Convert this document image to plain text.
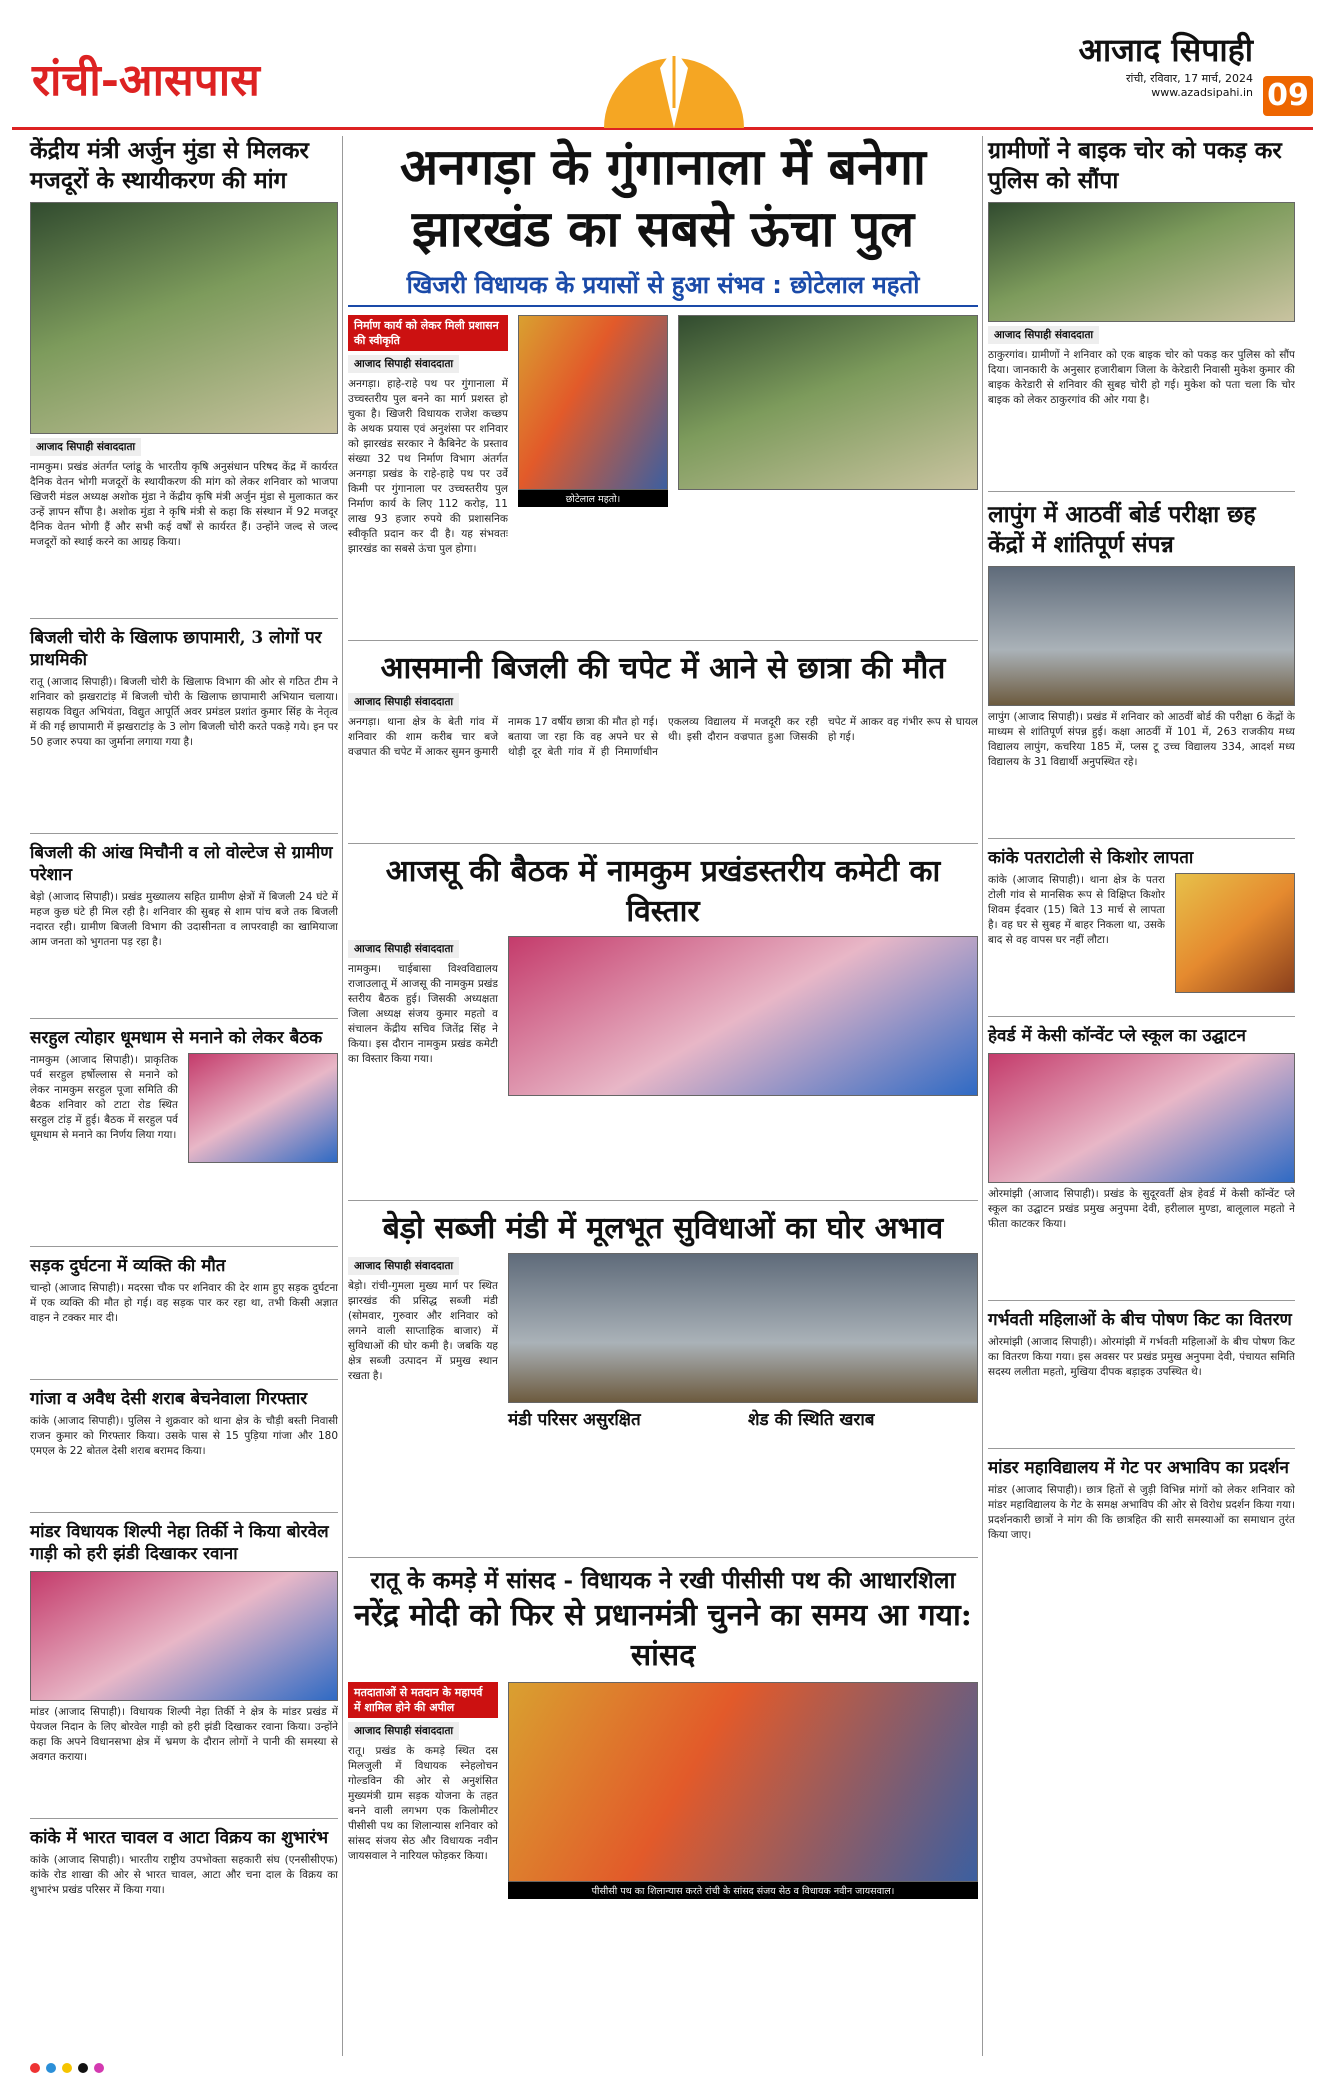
रांची-आसपास
आजाद सिपाही
रांची, रविवार, 17 मार्च, 2024
www.azadsipahi.in 09
केंद्रीय मंत्री अर्जुन मुंडा से मिलकर मजदूरों के स्थायीकरण की मांग
आजाद सिपाही संवाददाता
नामकुम। प्रखंड अंतर्गत प्लांडू के भारतीय कृषि अनुसंधान परिषद केंद्र में कार्यरत दैनिक वेतन भोगी मजदूरों के स्थायीकरण की मांग को लेकर शनिवार को भाजपा खिजरी मंडल अध्यक्ष अशोक मुंडा ने केंद्रीय कृषि मंत्री अर्जुन मुंडा से मुलाकात कर उन्हें ज्ञापन सौंपा है। अशोक मुंडा ने कृषि मंत्री से कहा कि संस्थान में 92 मजदूर दैनिक वेतन भोगी हैं और सभी कई वर्षों से कार्यरत हैं। उन्होंने जल्द से जल्द मजदूरों को स्थाई करने का आग्रह किया।
बिजली चोरी के खिलाफ छापामारी, 3 लोगों पर प्राथमिकी
रातू (आजाद सिपाही)। बिजली चोरी के खिलाफ विभाग की ओर से गठित टीम ने शनिवार को झखराटांड़ में बिजली चोरी के खिलाफ छापामारी अभियान चलाया। सहायक विद्युत अभियंता, विद्युत आपूर्ति अवर प्रमंडल प्रशांत कुमार सिंह के नेतृत्व में की गई छापामारी में झखराटांड़ के 3 लोग बिजली चोरी करते पकड़े गये। इन पर 50 हजार रुपया का जुर्माना लगाया गया है।
बिजली की आंख मिचौनी व लो वोल्टेज से ग्रामीण परेशान
बेड़ो (आजाद सिपाही)। प्रखंड मुख्यालय सहित ग्रामीण क्षेत्रों में बिजली 24 घंटे में महज कुछ घंटे ही मिल रही है। शनिवार की सुबह से शाम पांच बजे तक बिजली नदारत रही। ग्रामीण बिजली विभाग की उदासीनता व लापरवाही का खामियाजा आम जनता को भुगतना पड़ रहा है।
सरहुल त्योहार धूमधाम से मनाने को लेकर बैठक
नामकुम (आजाद सिपाही)। प्राकृतिक पर्व सरहुल हर्षोल्लास से मनाने को लेकर नामकुम सरहुल पूजा समिति की बैठक शनिवार को टाटा रोड स्थित सरहुल टांड़ में हुई। बैठक में सरहुल पर्व धूमधाम से मनाने का निर्णय लिया गया।
सड़क दुर्घटना में व्यक्ति की मौत
चान्हो (आजाद सिपाही)। मदरसा चौक पर शनिवार की देर शाम हुए सड़क दुर्घटना में एक व्यक्ति की मौत हो गई। वह सड़क पार कर रहा था, तभी किसी अज्ञात वाहन ने टक्कर मार दी।
गांजा व अवैध देसी शराब बेचनेवाला गिरफ्तार
कांके (आजाद सिपाही)। पुलिस ने शुक्रवार को थाना क्षेत्र के चौड़ी बस्ती निवासी राजन कुमार को गिरफ्तार किया। उसके पास से 15 पुड़िया गांजा और 180 एमएल के 22 बोतल देसी शराब बरामद किया।
मांडर विधायक शिल्पी नेहा तिर्की ने किया बोरवेल गाड़ी को हरी झंडी दिखाकर रवाना
मांडर (आजाद सिपाही)। विधायक शिल्पी नेहा तिर्की ने क्षेत्र के मांडर प्रखंड में पेयजल निदान के लिए बोरवेल गाड़ी को हरी झंडी दिखाकर रवाना किया। उन्होंने कहा कि अपने विधानसभा क्षेत्र में भ्रमण के दौरान लोगों ने पानी की समस्या से अवगत कराया।
कांके में भारत चावल व आटा विक्रय का शुभारंभ
कांके (आजाद सिपाही)। भारतीय राष्ट्रीय उपभोक्ता सहकारी संघ (एनसीसीएफ) कांके रोड शाखा की ओर से भारत चावल, आटा और चना दाल के विक्रय का शुभारंभ प्रखंड परिसर में किया गया।
अनगड़ा के गुंगानाला में बनेगा झारखंड का सबसे ऊंचा पुल
खिजरी विधायक के प्रयासों से हुआ संभव : छोटेलाल महतो
निर्माण कार्य को लेकर मिली प्रशासन की स्वीकृति
आजाद सिपाही संवाददाता
अनगड़ा। हाहे-राहे पथ पर गुंगानाला में उच्चस्तरीय पुल बनने का मार्ग प्रशस्त हो चुका है। खिजरी विधायक राजेश कच्छप के अथक प्रयास एवं अनुशंसा पर शनिवार को झारखंड सरकार ने कैबिनेट के प्रस्ताव संख्या 32 पथ निर्माण विभाग अंतर्गत अनगड़ा प्रखंड के राहे-हाहे पथ पर उर्वे किमी पर गुंगानाला पर उच्चस्तरीय पुल निर्माण कार्य के लिए 112 करोड़, 11 लाख 93 हजार रुपये की प्रशासनिक स्वीकृति प्रदान कर दी है। यह संभवतः झारखंड का सबसे ऊंचा पुल होगा।
छोटेलाल महतो।
आसमानी बिजली की चपेट में आने से छात्रा की मौत
आजाद सिपाही संवाददाता
अनगड़ा। थाना क्षेत्र के बेती गांव में शनिवार की शाम करीब चार बजे वज्रपात की चपेट में आकर सुमन कुमारी नामक 17 वर्षीय छात्रा की मौत हो गई। बताया जा रहा कि वह अपने घर से थोड़ी दूर बेती गांव में ही निमार्णाधीन एकलव्य विद्यालय में मजदूरी कर रही थी। इसी दौरान वज्रपात हुआ जिसकी चपेट में आकर वह गंभीर रूप से घायल हो गई।
आजसू की बैठक में नामकुम प्रखंडस्तरीय कमेटी का विस्तार
आजाद सिपाही संवाददाता
नामकुम। चाईबासा विश्वविद्यालय राजाउलातू में आजसू की नामकुम प्रखंड स्तरीय बैठक हुई। जिसकी अध्यक्षता जिला अध्यक्ष संजय कुमार महतो व संचालन केंद्रीय सचिव जितेंद्र सिंह ने किया। इस दौरान नामकुम प्रखंड कमेटी का विस्तार किया गया।
बेड़ो सब्जी मंडी में मूलभूत सुविधाओं का घोर अभाव
आजाद सिपाही संवाददाता
बेड़ो। रांची-गुमला मुख्य मार्ग पर स्थित झारखंड की प्रसिद्ध सब्जी मंडी (सोमवार, गुरुवार और शनिवार को लगने वाली साप्ताहिक बाजार) में सुविधाओं की घोर कमी है। जबकि यह क्षेत्र सब्जी उत्पादन में प्रमुख स्थान रखता है।
मंडी परिसर असुरक्षित	शेड की स्थिति खराब
रातू के कमड़े में सांसद - विधायक ने रखी पीसीसी पथ की आधारशिला
नरेंद्र मोदी को फिर से प्रधानमंत्री चुनने का समय आ गया: सांसद
मतदाताओं से मतदान के महापर्व में शामिल होने की अपील
आजाद सिपाही संवाददाता
रातू। प्रखंड के कमड़े स्थित दस मिलजुली में विधायक स्नेहलोचन गोल्डविन की ओर से अनुशंसित मुख्यमंत्री ग्राम सड़क योजना के तहत बनने वाली लगभग एक किलोमीटर पीसीसी पथ का शिलान्यास शनिवार को सांसद संजय सेठ और विधायक नवीन जायसवाल ने नारियल फोड़कर किया।
पीसीसी पथ का शिलान्यास करते रांची के सांसद संजय सेठ व विधायक नवीन जायसवाल।
ग्रामीणों ने बाइक चोर को पकड़ कर पुलिस को सौंपा
आजाद सिपाही संवाददाता
ठाकुरगांव। ग्रामीणों ने शनिवार को एक बाइक चोर को पकड़ कर पुलिस को सौंप दिया। जानकारी के अनुसार हजारीबाग जिला के केरेडारी निवासी मुकेश कुमार की बाइक केरेडारी से शनिवार की सुबह चोरी हो गई। मुकेश को पता चला कि चोर बाइक को लेकर ठाकुरगांव की ओर गया है।
लापुंग में आठवीं बोर्ड परीक्षा छह केंद्रों में शांतिपूर्ण संपन्न
लापुंग (आजाद सिपाही)। प्रखंड में शनिवार को आठवीं बोर्ड की परीक्षा 6 केंद्रों के माध्यम से शांतिपूर्ण संपन्न हुई। कक्षा आठवीं में 101 में, 263 राजकीय मध्य विद्यालय लापुंग, कचरिया 185 में, प्लस टू उच्च विद्यालय 334, आदर्श मध्य विद्यालय के 31 विद्यार्थी अनुपस्थित रहे।
कांके पतराटोली से किशोर लापता
कांके (आजाद सिपाही)। थाना क्षेत्र के पतरा टोली गांव से मानसिक रूप से विक्षिप्त किशोर शिवम ईदवार (15) बिते 13 मार्च से लापता है। वह घर से सुबह में बाहर निकला था, उसके बाद से वह वापस घर नहीं लौटा।
हेवर्ड में केसी कॉन्वेंट प्ले स्कूल का उद्घाटन
ओरमांझी (आजाद सिपाही)। प्रखंड के सुदूरवर्ती क्षेत्र हेवर्ड में केसी कॉन्वेंट प्ले स्कूल का उद्घाटन प्रखंड प्रमुख अनुपमा देवी, हरीलाल मुण्डा, बालूलाल महतो ने फीता काटकर किया।
गर्भवती महिलाओं के बीच पोषण किट का वितरण
ओरमांझी (आजाद सिपाही)। ओरमांझी में गर्भवती महिलाओं के बीच पोषण किट का वितरण किया गया। इस अवसर पर प्रखंड प्रमुख अनुपमा देवी, पंचायत समिति सदस्य ललीता महतो, मुखिया दीपक बड़ाइक उपस्थित थे।
मांडर महाविद्यालय में गेट पर अभाविप का प्रदर्शन
मांडर (आजाद सिपाही)। छात्र हितों से जुड़ी विभिन्न मांगों को लेकर शनिवार को मांडर महाविद्यालय के गेट के समक्ष अभाविप की ओर से विरोध प्रदर्शन किया गया। प्रदर्शनकारी छात्रों ने मांग की कि छात्रहित की सारी समस्याओं का समाधान तुरंत किया जाए।
